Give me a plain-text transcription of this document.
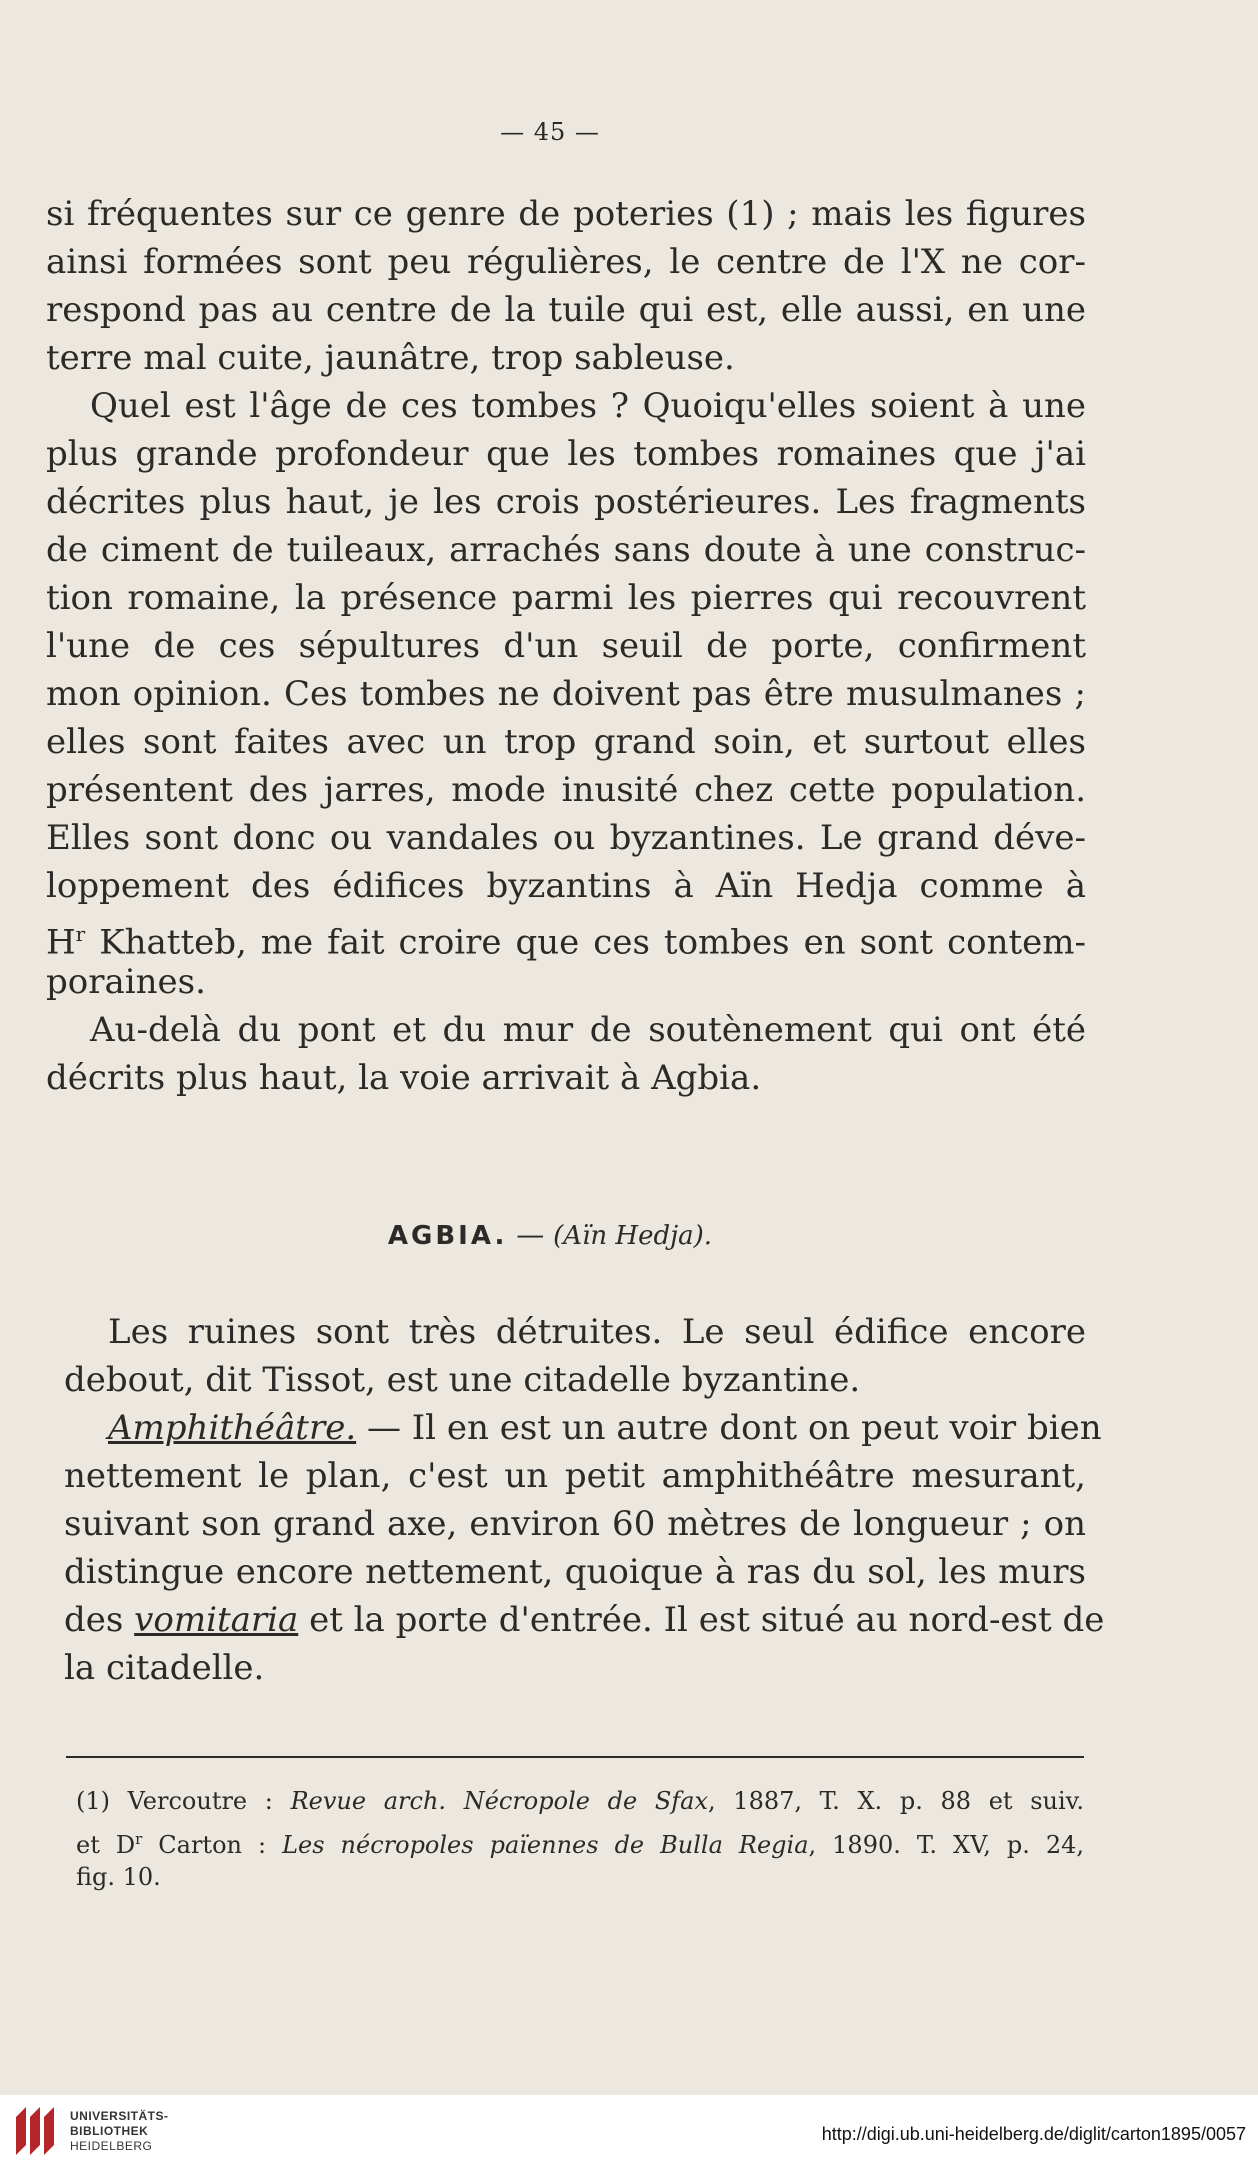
— 45 —
si fréquentes sur ce genre de poteries (1) ; mais les figures
ainsi formées sont peu régulières, le centre de l'X ne cor-
respond pas au centre de la tuile qui est, elle aussi, en une
terre mal cuite, jaunâtre, trop sableuse.
Quel est l'âge de ces tombes ? Quoiqu'elles soient à une
plus grande profondeur que les tombes romaines que j'ai
décrites plus haut, je les crois postérieures. Les fragments
de ciment de tuileaux, arrachés sans doute à une construc-
tion romaine, la présence parmi les pierres qui recouvrent
l'une de ces sépultures d'un seuil de porte, confirment
mon opinion. Ces tombes ne doivent pas être musulmanes ;
elles sont faites avec un trop grand soin, et surtout elles
présentent des jarres, mode inusité chez cette population.
Elles sont donc ou vandales ou byzantines. Le grand déve-
loppement des édifices byzantins à Aïn Hedja comme à
$H^r$ Khatteb, me fait croire que ces tombes en sont contem-
poraines.
Au-delà du pont et du mur de soutènement qui ont été
décrits plus haut, la voie arrivait à Agbia.
AGBIA. — (Aïn Hedja).
Les ruines sont très détruites. Le seul édifice encore
debout, dit Tissot, est une citadelle byzantine.
Amphithéâtre. — Il en est un autre dont on peut voir bien
nettement le plan, c'est un petit amphithéâtre mesurant,
suivant son grand axe, environ 60 mètres de longueur ; on
distingue encore nettement, quoique à ras du sol, les murs
des vomitaria et la porte d'entrée. Il est situé au nord-est de
la citadelle.
(1) Vercoutre : Revue arch. Nécropole de Sfax, 1887, T. X. p. 88 et suiv.
et $D^r$ Carton : Les nécropoles païennes de Bulla Regia, 1890. T. XV, p. 24,
fig. 10.
UNIVERSITÄTS-
BIBLIOTHEK
HEIDELBERG
http://digi.ub.uni-heidelberg.de/diglit/carton1895/0057
